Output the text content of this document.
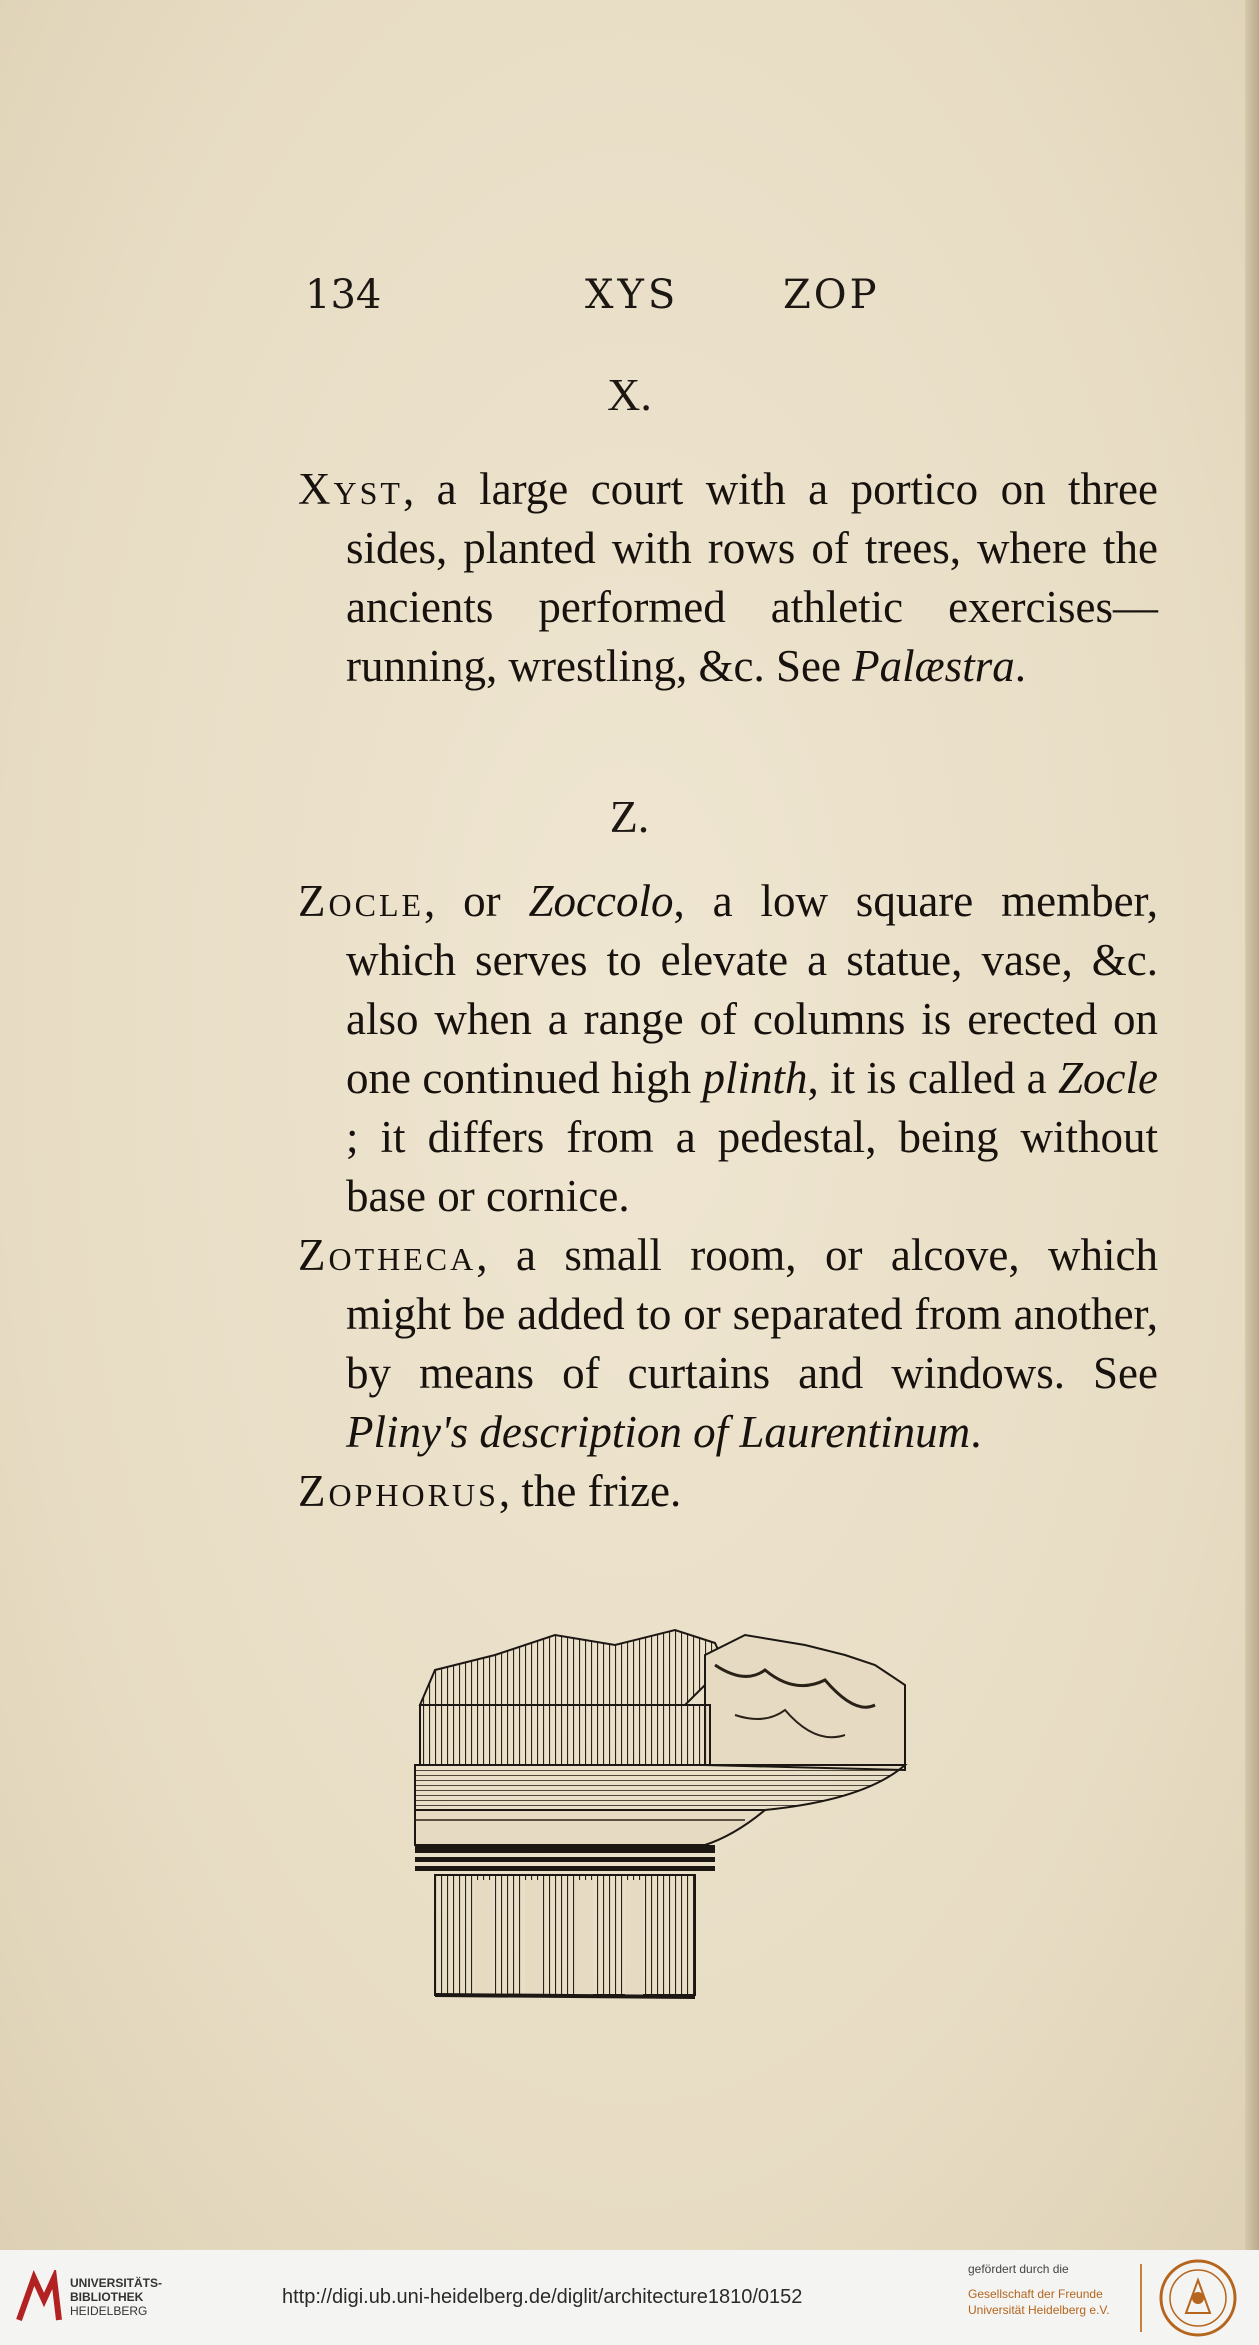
134	XYS	ZOP
X.

Xyst, a large court with a portico on three sides, planted with rows of trees, where the ancients performed athletic exercises—running, wrestling, &c. See Palæstra.

Z.

Zocle, or Zoccolo, a low square member, which serves to elevate a statue, vase, &c. also when a range of columns is erected on one continued high plinth, it is called a Zocle ; it differs from a pedestal, being without base or cornice.

Zotheca, a small room, or alcove, which might be added to or separated from another, by means of curtains and windows. See Pliny's description of Laurentinum.

Zophorus, the frize.

UNIVERSITÄTS-
BIBLIOTHEK
HEIDELBERG
http://digi.ub.uni-heidelberg.de/diglit/architecture1810/0152
gefördert durch die
Gesellschaft der Freunde
Universität Heidelberg e.V.
